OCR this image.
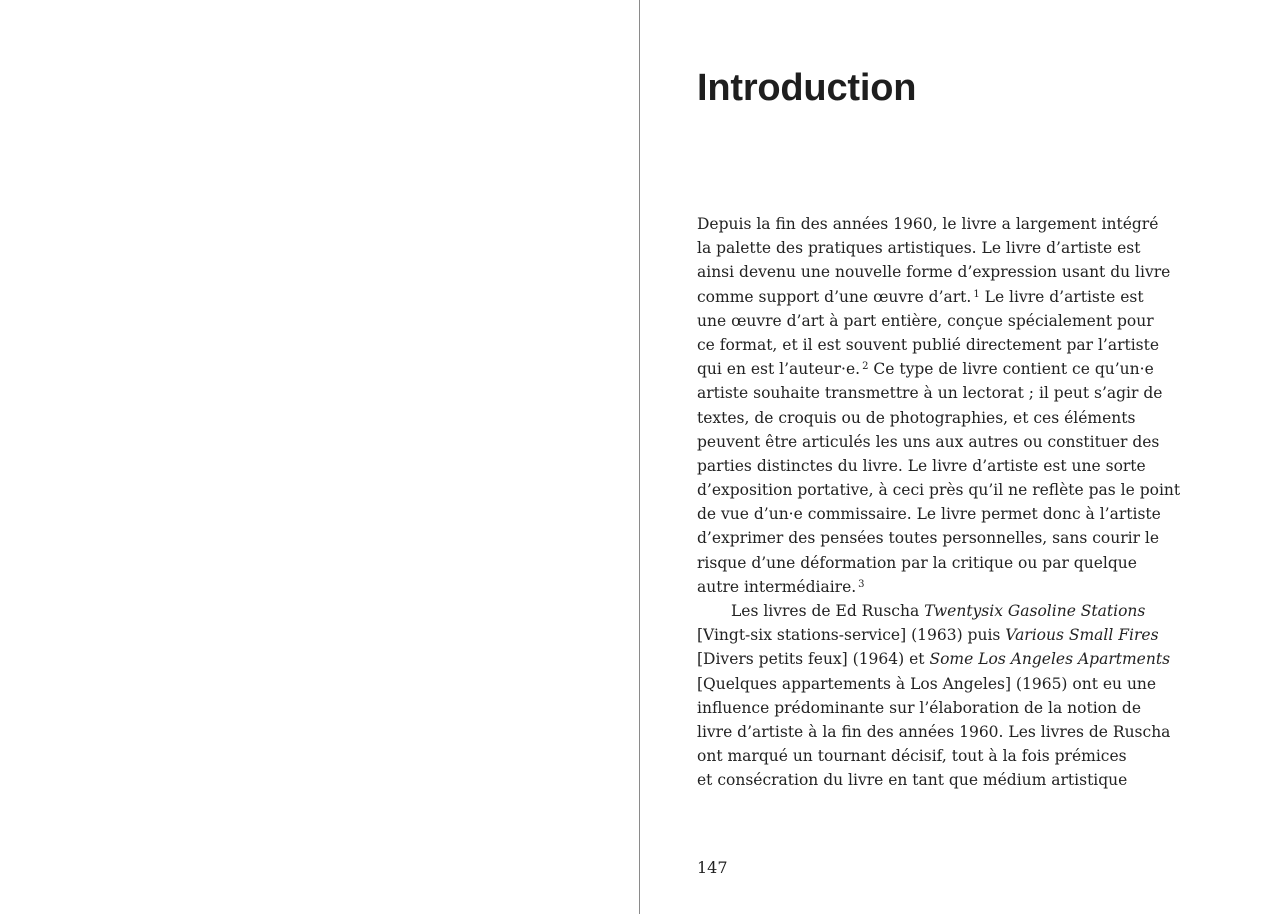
Introduction
Depuis la fin des années 1960, le livre a largement intégré
la palette des pratiques artistiques. Le livre d’artiste est
ainsi devenu une nouvelle forme d’expression usant du livre
comme support d’une œuvre d’art. $^1$ Le livre d’artiste est
une œuvre d’art à part entière, conçue spécialement pour
ce format, et il est souvent publié directement par l’artiste
qui en est l’auteur·e. $^2$ Ce type de livre contient ce qu’un·e
artiste souhaite transmettre à un lectorat ; il peut s’agir de
textes, de croquis ou de photographies, et ces éléments
peuvent être articulés les uns aux autres ou constituer des
parties distinctes du livre. Le livre d’artiste est une sorte
d’exposition portative, à ceci près qu’il ne reflète pas le point
de vue d’un·e commissaire. Le livre permet donc à l’artiste
d’exprimer des pensées toutes personnelles, sans courir le
risque d’une déformation par la critique ou par quelque
autre intermédiaire. $^3$
Les livres de Ed Ruscha Twentysix Gasoline Stations
[Vingt-six stations-service] (1963) puis Various Small Fires
[Divers petits feux] (1964) et Some Los Angeles Apartments
[Quelques appartements à Los Angeles] (1965) ont eu une
influence prédominante sur l’élaboration de la notion de
livre d’artiste à la fin des années 1960. Les livres de Ruscha
ont marqué un tournant décisif, tout à la fois prémices
et consécration du livre en tant que médium artistique
147
